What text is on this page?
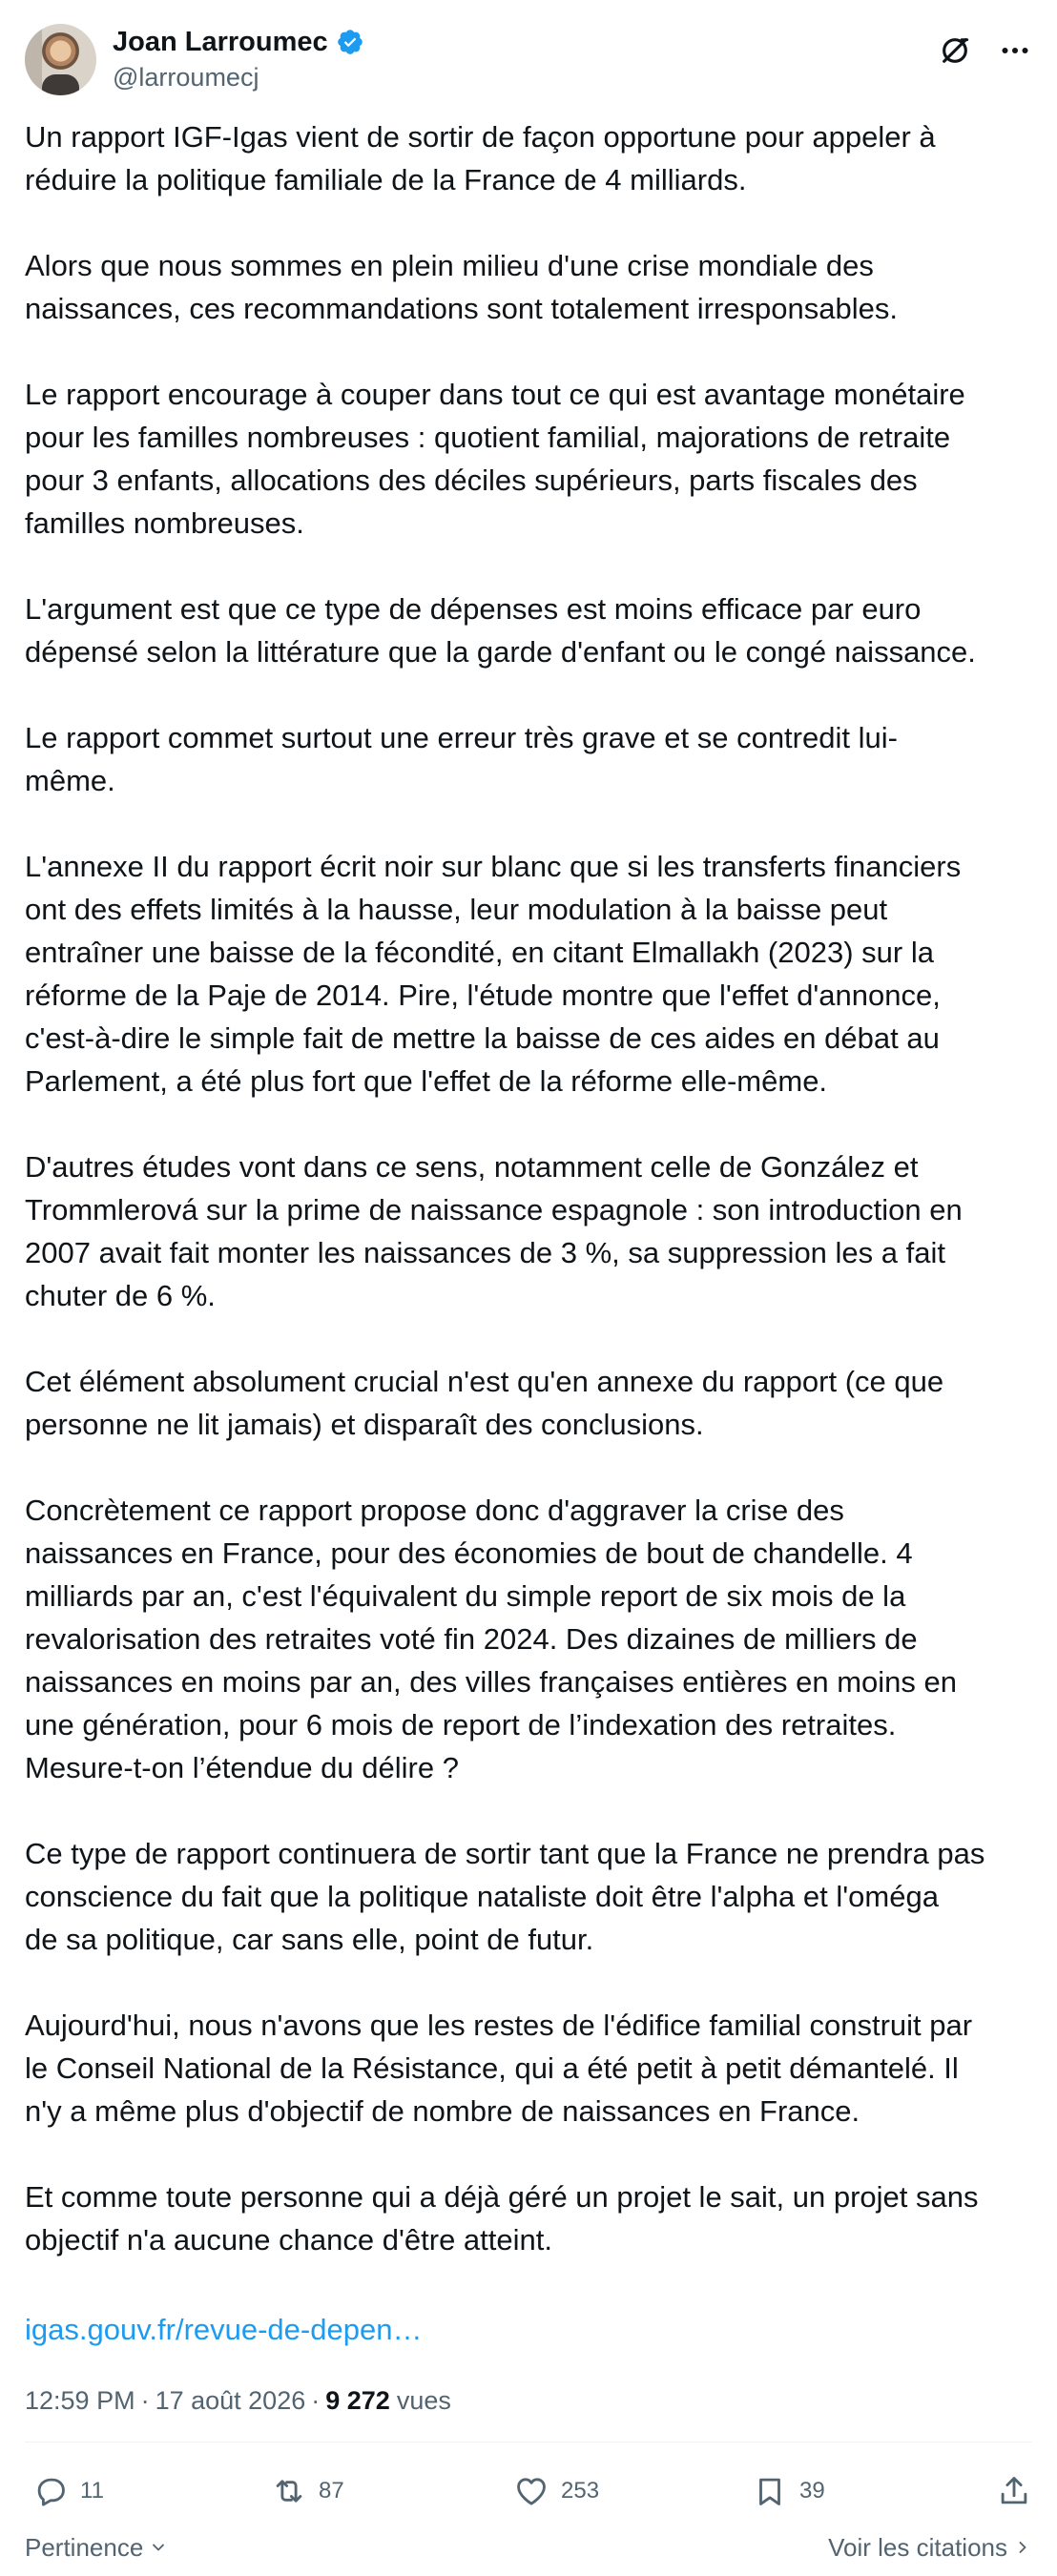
Joan Larroumec
@larroumecj

Un rapport IGF-Igas vient de sortir de façon opportune pour appeler à
réduire la politique familiale de la France de 4 milliards.

Alors que nous sommes en plein milieu d'une crise mondiale des
naissances, ces recommandations sont totalement irresponsables.

Le rapport encourage à couper dans tout ce qui est avantage monétaire
pour les familles nombreuses : quotient familial, majorations de retraite
pour 3 enfants, allocations des déciles supérieurs, parts fiscales des
familles nombreuses.

L'argument est que ce type de dépenses est moins efficace par euro
dépensé selon la littérature que la garde d'enfant ou le congé naissance.

Le rapport commet surtout une erreur très grave et se contredit lui-
même.

L'annexe II du rapport écrit noir sur blanc que si les transferts financiers
ont des effets limités à la hausse, leur modulation à la baisse peut
entraîner une baisse de la fécondité, en citant Elmallakh (2023) sur la
réforme de la Paje de 2014. Pire, l'étude montre que l'effet d'annonce,
c'est-à-dire le simple fait de mettre la baisse de ces aides en débat au
Parlement, a été plus fort que l'effet de la réforme elle-même.

D'autres études vont dans ce sens, notamment celle de González et
Trommlerová sur la prime de naissance espagnole : son introduction en
2007 avait fait monter les naissances de 3 %, sa suppression les a fait
chuter de 6 %.

Cet élément absolument crucial n'est qu'en annexe du rapport (ce que
personne ne lit jamais) et disparaît des conclusions.

Concrètement ce rapport propose donc d'aggraver la crise des
naissances en France, pour des économies de bout de chandelle. 4
milliards par an, c'est l'équivalent du simple report de six mois de la
revalorisation des retraites voté fin 2024. Des dizaines de milliers de
naissances en moins par an, des villes françaises entières en moins en
une génération, pour 6 mois de report de l’indexation des retraites.
Mesure-t-on l’étendue du délire ?

Ce type de rapport continuera de sortir tant que la France ne prendra pas
conscience du fait que la politique nataliste doit être l'alpha et l'oméga
de sa politique, car sans elle, point de futur.

Aujourd'hui, nous n'avons que les restes de l'édifice familial construit par
le Conseil National de la Résistance, qui a été petit à petit démantelé. Il
n'y a même plus d'objectif de nombre de naissances en France.

Et comme toute personne qui a déjà géré un projet le sait, un projet sans
objectif n'a aucune chance d'être atteint.

igas.gouv.fr/revue-de-depen…
12:59 PM · 17 août 2026 · 9 272 vues
11	87	253	39
Pertinence	Voir les citations
